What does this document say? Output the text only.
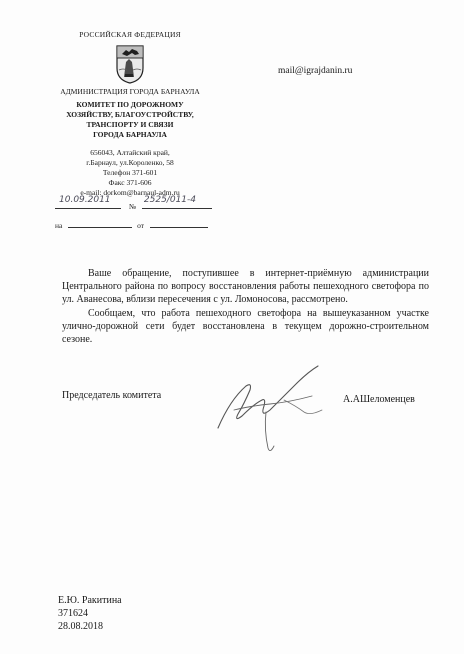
РОССИЙСКАЯ ФЕДЕРАЦИЯ
АДМИНИСТРАЦИЯ ГОРОДА БАРНАУЛА
КОМИТЕТ ПО ДОРОЖНОМУ
ХОЗЯЙСТВУ, БЛАГОУСТРОЙСТВУ,
ТРАНСПОРТУ И СВЯЗИ
ГОРОДА БАРНАУЛА
656043, Алтайский край,
г.Барнаул, ул.Короленко, 58
Телефон 371-601
Факс 371-606
e-mail: dorkom@barnaul-adm.ru
10.09.2011
№
2525/011-4
на	от
mail@igrajdanin.ru

Ваше обращение, поступившее в интернет-приёмную администрации Центрального района по вопросу восстановления работы пешеходного светофора по ул. Аванесова, вблизи пересечения с ул. Ломоносова, рассмотрено.

Сообщаем, что работа пешеходного светофора на вышеуказанном участке улично-дорожной сети будет восстановлена в текущем дорожно-строительном сезоне.

Председатель комитета	А.АШеломенцев
Е.Ю. Ракитина
371624
28.08.2018
